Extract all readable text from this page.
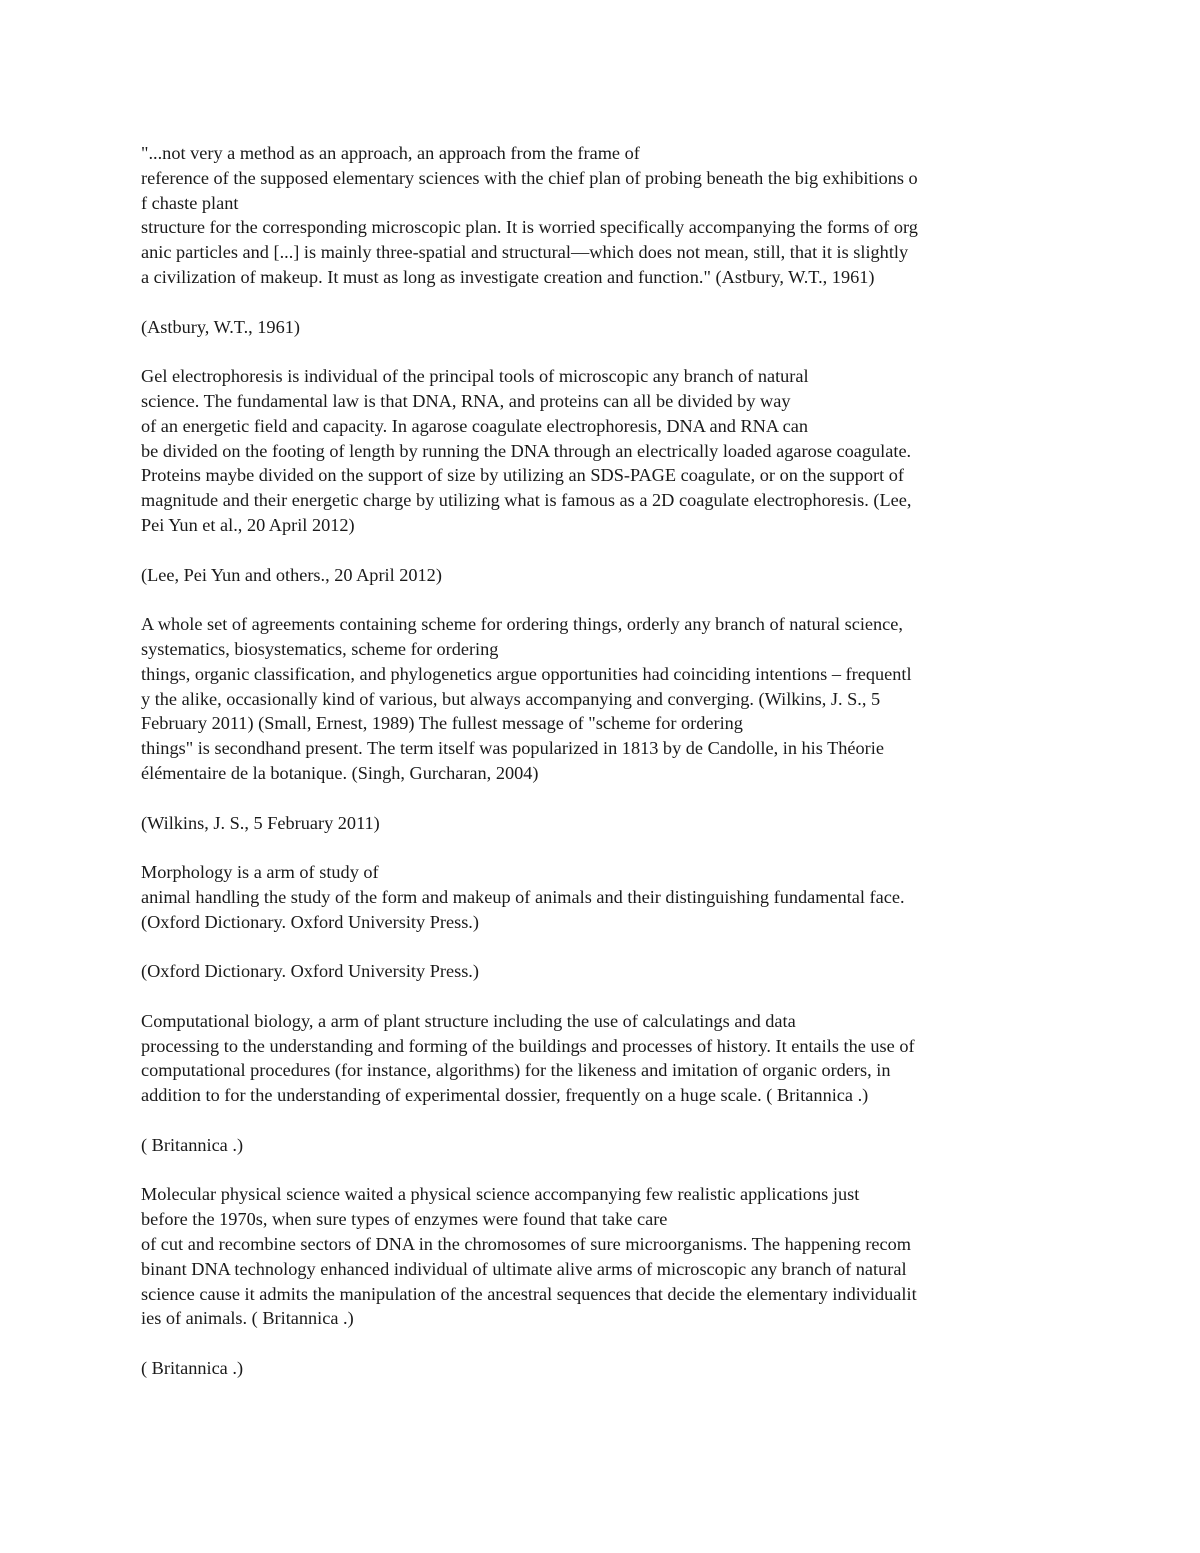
"...not very a method as an approach, an approach from the frame of
reference of the supposed elementary sciences with the chief plan of probing beneath the big exhibitions o
f chaste plant
structure for the corresponding microscopic plan. It is worried specifically accompanying the forms of org
anic particles and [...] is mainly three-spatial and structural—which does not mean, still, that it is slightly
a civilization of makeup. It must as long as investigate creation and function." (Astbury, W.T., 1961)
(Astbury, W.T., 1961)
Gel electrophoresis is individual of the principal tools of microscopic any branch of natural
science. The fundamental law is that DNA, RNA, and proteins can all be divided by way
of an energetic field and capacity. In agarose coagulate electrophoresis, DNA and RNA can
be divided on the footing of length by running the DNA through an electrically loaded agarose coagulate.
Proteins maybe divided on the support of size by utilizing an SDS-PAGE coagulate, or on the support of
magnitude and their energetic charge by utilizing what is famous as a 2D coagulate electrophoresis. (Lee,
Pei Yun et al., 20 April 2012)
(Lee, Pei Yun and others., 20 April 2012)
A whole set of agreements containing scheme for ordering things, orderly any branch of natural science,
systematics, biosystematics, scheme for ordering
things, organic classification, and phylogenetics argue opportunities had coinciding intentions – frequentl
y the alike, occasionally kind of various, but always accompanying and converging. (Wilkins, J. S., 5
February 2011) (Small, Ernest, 1989) The fullest message of "scheme for ordering
things" is secondhand present. The term itself was popularized in 1813 by de Candolle, in his Théorie
élémentaire de la botanique. (Singh, Gurcharan, 2004)
(Wilkins, J. S., 5 February 2011)
Morphology is a arm of study of
animal handling the study of the form and makeup of animals and their distinguishing fundamental face.
(Oxford Dictionary. Oxford University Press.)
(Oxford Dictionary. Oxford University Press.)
Computational biology, a arm of plant structure including the use of calculatings and data
processing to the understanding and forming of the buildings and processes of history. It entails the use of
computational procedures (for instance, algorithms) for the likeness and imitation of organic orders, in
addition to for the understanding of experimental dossier, frequently on a huge scale. ( Britannica .)
( Britannica .)
Molecular physical science waited a physical science accompanying few realistic applications just
before the 1970s, when sure types of enzymes were found that take care
of cut and recombine sectors of DNA in the chromosomes of sure microorganisms. The happening recom
binant DNA technology enhanced individual of ultimate alive arms of microscopic any branch of natural
science cause it admits the manipulation of the ancestral sequences that decide the elementary individualit
ies of animals. ( Britannica .)
( Britannica .)
